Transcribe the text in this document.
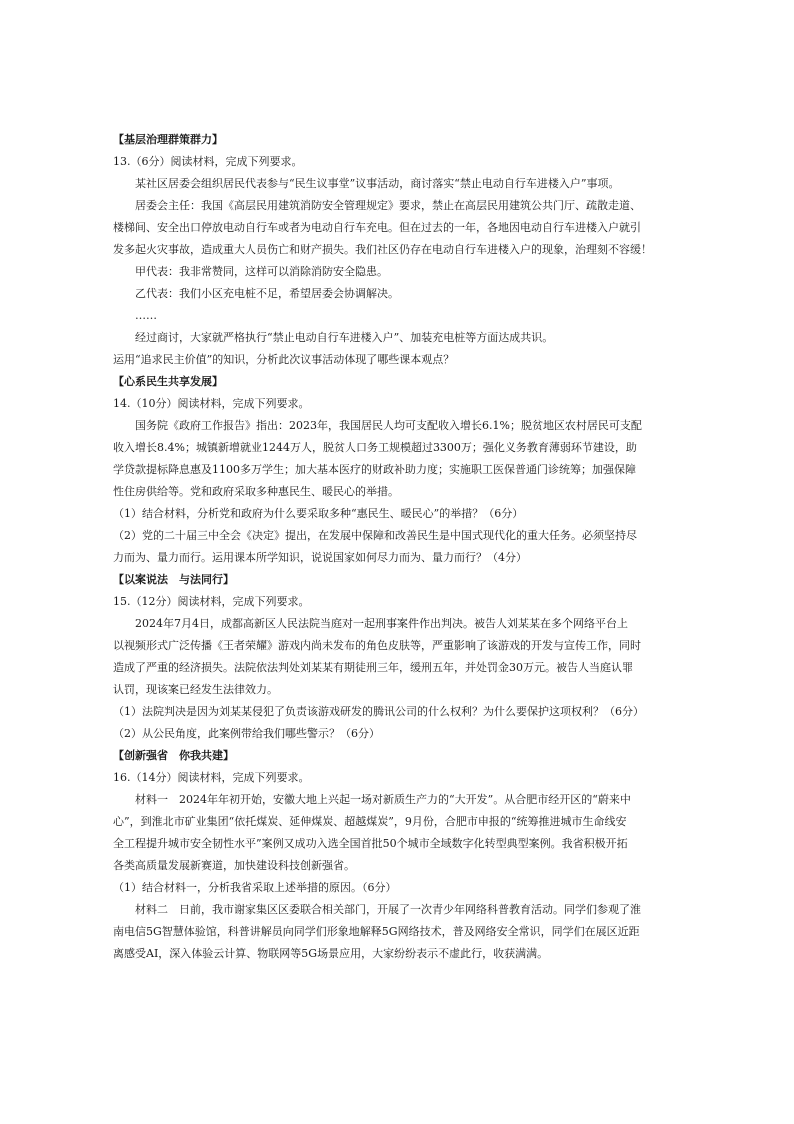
【基层治理群策群力】
13.（6分）阅读材料，完成下列要求。
某社区居委会组织居民代表参与“民生议事堂”议事活动，商讨落实“禁止电动自行车进楼入户”事项。
居委会主任：我国《高层民用建筑消防安全管理规定》要求，禁止在高层民用建筑公共门厅、疏散走道、
楼梯间、安全出口停放电动自行车或者为电动自行车充电。但在过去的一年，各地因电动自行车进楼入户就引
发多起火灾事故，造成重大人员伤亡和财产损失。我们社区仍存在电动自行车进楼入户的现象，治理刻不容缓！
甲代表：我非常赞同，这样可以消除消防安全隐患。
乙代表：我们小区充电桩不足，希望居委会协调解决。
……
经过商讨，大家就严格执行“禁止电动自行车进楼入户”、加装充电桩等方面达成共识。
运用“追求民主价值”的知识，分析此次议事活动体现了哪些课本观点？
【心系民生共享发展】
14.（10分）阅读材料，完成下列要求。
国务院《政府工作报告》指出：2023年，我国居民人均可支配收入增长6.1%；脱贫地区农村居民可支配
收入增长8.4%；城镇新增就业1244万人，脱贫人口务工规模超过3300万；强化义务教育薄弱环节建设，助
学贷款提标降息惠及1100多万学生；加大基本医疗的财政补助力度；实施职工医保普通门诊统筹；加强保障
性住房供给等。党和政府采取多种惠民生、暖民心的举措。
（1）结合材料，分析党和政府为什么要采取多种“惠民生、暖民心”的举措？（6分）
（2）党的二十届三中全会《决定》提出，在发展中保障和改善民生是中国式现代化的重大任务。必须坚持尽
力而为、量力而行。运用课本所学知识，说说国家如何尽力而为、量力而行？（4分）
【以案说法　与法同行】
15.（12分）阅读材料，完成下列要求。
2024年7月4日，成都高新区人民法院当庭对一起刑事案件作出判决。被告人刘某某在多个网络平台上
以视频形式广泛传播《王者荣耀》游戏内尚未发布的角色皮肤等，严重影响了该游戏的开发与宣传工作，同时
造成了严重的经济损失。法院依法判处刘某某有期徒刑三年，缓刑五年，并处罚金30万元。被告人当庭认罪
认罚，现该案已经发生法律效力。
（1）法院判决是因为刘某某侵犯了负责该游戏研发的腾讯公司的什么权利？为什么要保护这项权利？（6分）
（2）从公民角度，此案例带给我们哪些警示？（6分）
【创新强省　你我共建】
16.（14分）阅读材料，完成下列要求。
材料一　2024年年初开始，安徽大地上兴起一场对新质生产力的“大开发”。从合肥市经开区的“蔚来中
心”，到淮北市矿业集团“依托煤炭、延伸煤炭、超越煤炭”，9月份，合肥市申报的“统筹推进城市生命线安
全工程提升城市安全韧性水平”案例又成功入选全国首批50个城市全域数字化转型典型案例。我省积极开拓
各类高质量发展新赛道，加快建设科技创新强省。
（1）结合材料一，分析我省采取上述举措的原因。（6分）
材料二　日前，我市谢家集区区委联合相关部门，开展了一次青少年网络科普教育活动。同学们参观了淮
南电信5G智慧体验馆，科普讲解员向同学们形象地解释5G网络技术，普及网络安全常识，同学们在展区近距
离感受AI，深入体验云计算、物联网等5G场景应用，大家纷纷表示不虚此行，收获满满。
